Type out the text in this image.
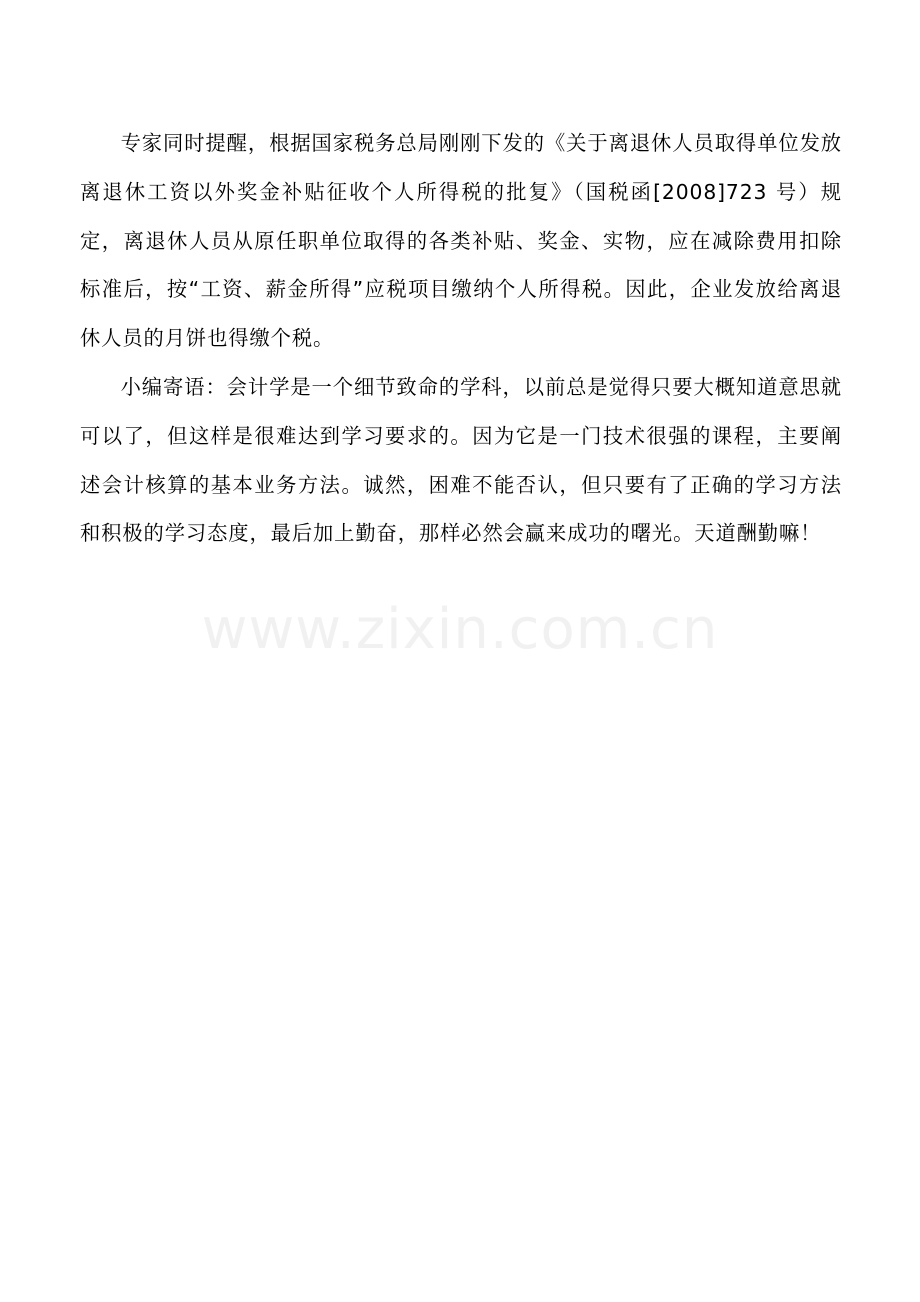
专家同时提醒，根据国家税务总局刚刚下发的《关于离退休人员取得单位发放离退休工资以外奖金补贴征收个人所得税的批复》（国税函[2008]723 号）规定，离退休人员从原任职单位取得的各类补贴、奖金、实物，应在减除费用扣除标准后，按“工资、薪金所得”应税项目缴纳个人所得税。因此，企业发放给离退休人员的月饼也得缴个税。

小编寄语：会计学是一个细节致命的学科，以前总是觉得只要大概知道意思就可以了，但这样是很难达到学习要求的。因为它是一门技术很强的课程，主要阐述会计核算的基本业务方法。诚然，困难不能否认，但只要有了正确的学习方法和积极的学习态度，最后加上勤奋，那样必然会赢来成功的曙光。天道酬勤嘛！

www.zixin.com.cn
